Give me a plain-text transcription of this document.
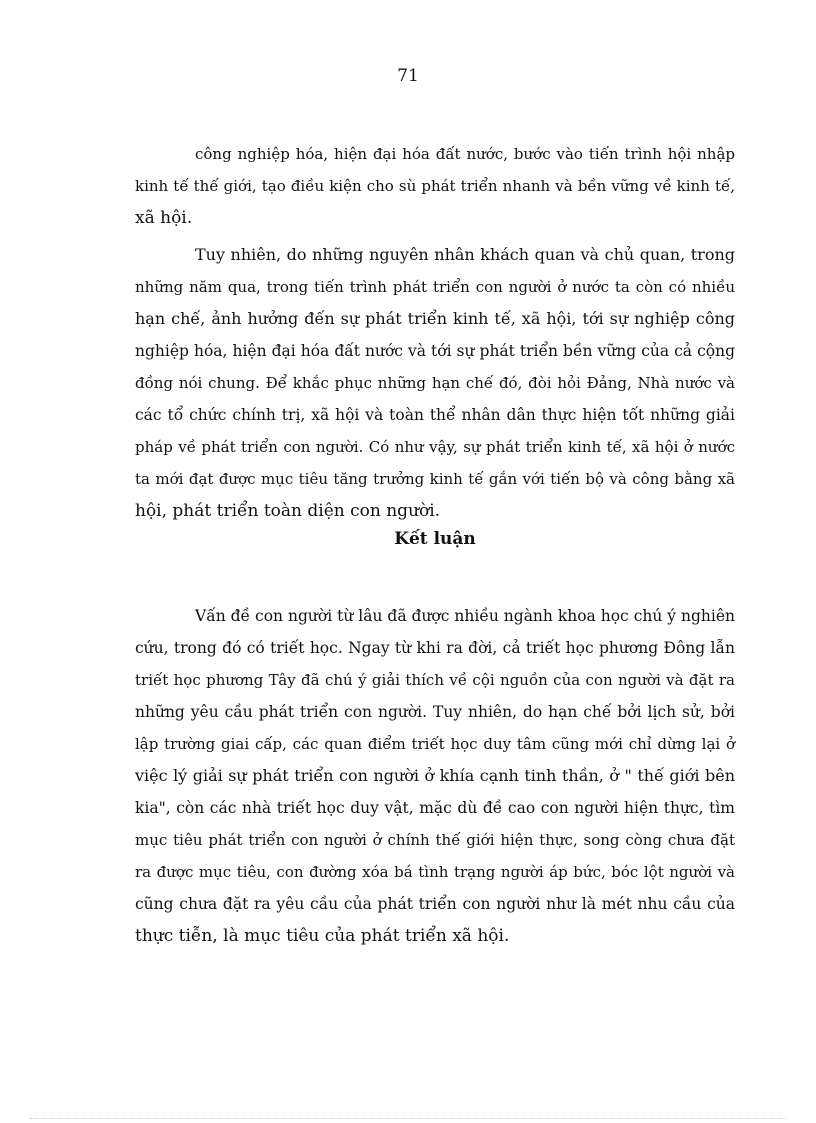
71
công nghiệp hóa, hiện đại hóa đất nước, bước vào tiến trình hội nhập
kinh tế thế giới, tạo điều kiện cho sù phát triển nhanh và bền vững về kinh tế,
xã hội.
Tuy nhiên, do những nguyên nhân khách quan và chủ quan, trong
những năm qua, trong tiến trình phát triển con người ở nước ta còn có nhiều
hạn chế, ảnh hưởng đến sự phát triển kinh tế, xã hội, tới sự nghiệp công
nghiệp hóa, hiện đại hóa đất nước và tới sự phát triển bền vững của cả cộng
đồng nói chung. Để khắc phục những hạn chế đó, đòi hỏi Đảng, Nhà nước và
các tổ chức chính trị, xã hội và toàn thể nhân dân thực hiện tốt những giải
pháp về phát triển con người. Có như vậy, sự phát triển kinh tế, xã hội ở nước
ta mới đạt được mục tiêu tăng trưởng kinh tế gắn với tiến bộ và công bằng xã
hội, phát triển toàn diện con người.
Kết luận
Vấn đề con người từ lâu đã được nhiều ngành khoa học chú ý nghiên
cứu, trong đó có triết học. Ngay từ khi ra đời, cả triết học phương Đông lẫn
triết học phương Tây đã chú ý giải thích về cội nguồn của con người và đặt ra
những yêu cầu phát triển con người. Tuy nhiên, do hạn chế bởi lịch sử, bởi
lập trường giai cấp, các quan điểm triết học duy tâm cũng mới chỉ dừng lại ở
việc lý giải sự phát triển con người ở khía cạnh tinh thần, ở " thế giới bên
kia", còn các nhà triết học duy vật, mặc dù đề cao con người hiện thực, tìm
mục tiêu phát triển con người ở chính thế giới hiện thực, song còng chưa đặt
ra được mục tiêu, con đường xóa bá tình trạng người áp bức, bóc lột người và
cũng chưa đặt ra yêu cầu của phát triển con người như là mét nhu cầu của
thực tiễn, là mục tiêu của phát triển xã hội.
